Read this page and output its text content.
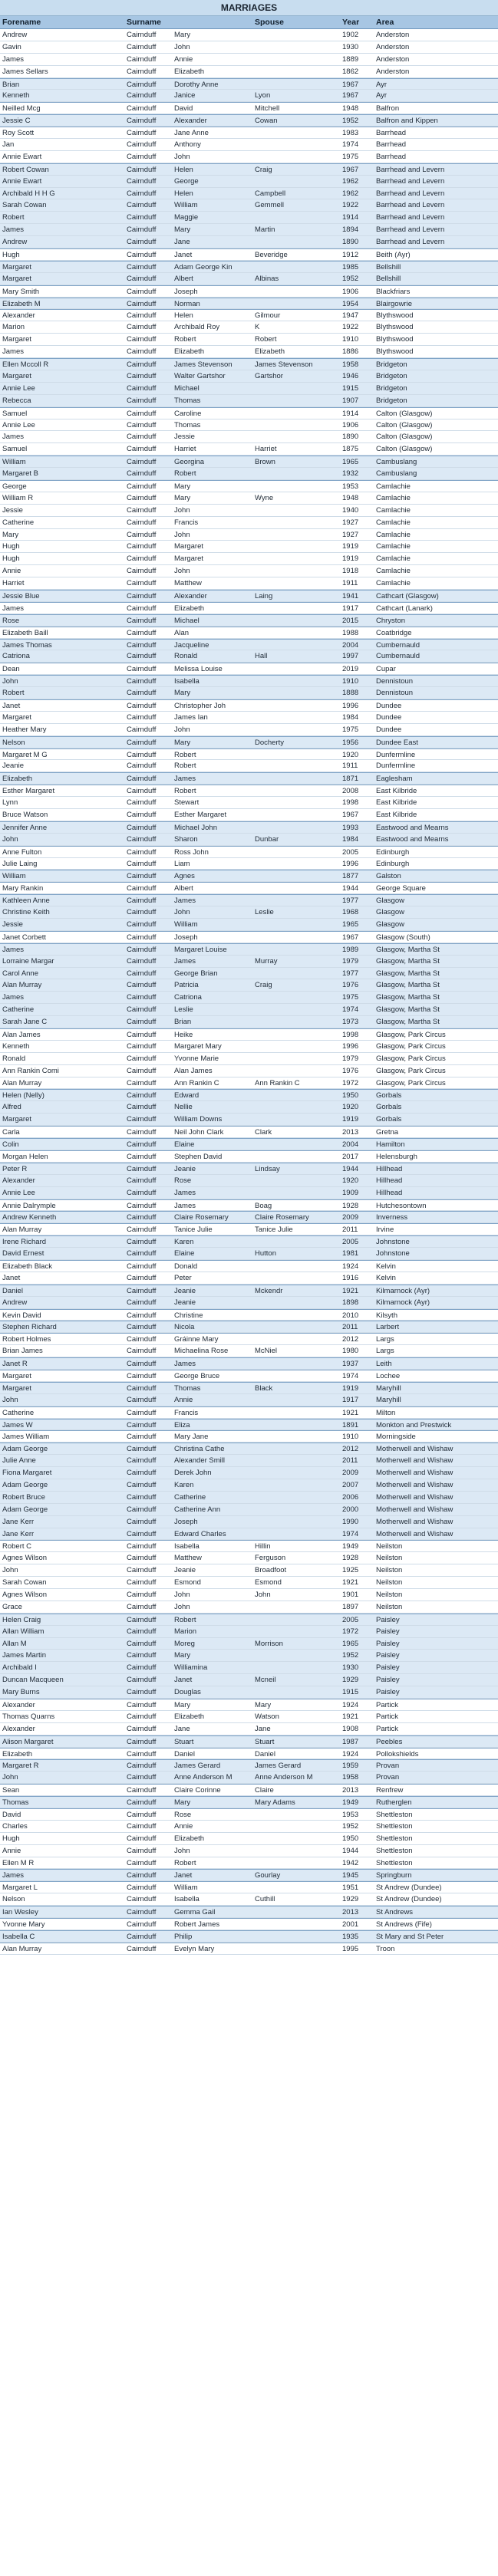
MARRIAGES
Forename	Surname	Spouse	Year	Area
Andrew	Cairnduff	Mary	1902	Anderston
Gavin	Cairnduff	John	1930	Anderston
James	Cairnduff	Annie	1889	Anderston
James Sellars	Cairnduff	Elizabeth	1862	Anderston
Brian	Cairnduff	Dorothy Anne	1967	Ayr
Kenneth	Cairnduff	Janice	Lyon	1967	Ayr
Neilled Mcg	Cairnduff	David	Mitchell	1948	Balfron
Jessie C	Cairnduff	Alexander	Cowan	1952	Balfron and Kippen
Roy Scott	Cairnduff	Jane Anne	1983	Barrhead
Jan	Cairnduff	Anthony	1974	Barrhead
Annie Ewart	Cairnduff	John	1975	Barrhead
Robert Cowan	Cairnduff	Helen	Craig	1967	Barrhead and Levern
Annie Ewart	Cairnduff	George	1962	Barrhead and Levern
Archibald H H G	Cairnduff	Helen	Campbell	1962	Barrhead and Levern
Sarah Cowan	Cairnduff	William	Gemmell	1922	Barrhead and Levern
Robert	Cairnduff	Maggie	1914	Barrhead and Levern
James	Cairnduff	Mary	Martin	1894	Barrhead and Levern
Andrew	Cairnduff	Jane	1890	Barrhead and Levern
Hugh	Cairnduff	Janet	Beveridge	1912	Beith (Ayr)
Margaret	Cairnduff	Adam George Kin	1985	Bellshill
Margaret	Cairnduff	Albert	Albinas	1952	Bellshill
Mary Smith	Cairnduff	Joseph	1906	Blackfriars
Elizabeth M	Cairnduff	Norman	1954	Blairgowrie
Alexander	Cairnduff	Helen	Gilmour	1947	Blythswood
Marion	Cairnduff	Archibald Roy	K	1922	Blythswood
Margaret	Cairnduff	Robert	Robert	1910	Blythswood
James	Cairnduff	Elizabeth	Elizabeth	1886	Blythswood
Ellen Mccoll R	Cairnduff	James Stevenson	James Stevenson	1958	Bridgeton
Margaret	Cairnduff	Walter Gartshor	Gartshor	1946	Bridgeton
Annie Lee	Cairnduff	Michael	1915	Bridgeton
Rebecca	Cairnduff	Thomas	1907	Bridgeton
Samuel	Cairnduff	Caroline	1914	Calton (Glasgow)
Annie Lee	Cairnduff	Thomas	1906	Calton (Glasgow)
James	Cairnduff	Jessie	1890	Calton (Glasgow)
Samuel	Cairnduff	Harriet	Harriet	1875	Calton (Glasgow)
William	Cairnduff	Georgina	Brown	1965	Cambuslang
Margaret B	Cairnduff	Robert	1932	Cambuslang
George	Cairnduff	Mary	1953	Camlachie
William R	Cairnduff	Mary	Wyne	1948	Camlachie
Jessie	Cairnduff	John	1940	Camlachie
Catherine	Cairnduff	Francis	1927	Camlachie
Mary	Cairnduff	John	1927	Camlachie
Hugh	Cairnduff	Margaret	1919	Camlachie
Hugh	Cairnduff	Margaret	1919	Camlachie
Annie	Cairnduff	John	1918	Camlachie
Harriet	Cairnduff	Matthew	1911	Camlachie
Jessie Blue	Cairnduff	Alexander	Laing	1941	Cathcart (Glasgow)
James	Cairnduff	Elizabeth	1917	Cathcart (Lanark)
Rose	Cairnduff	Michael	2015	Chryston
Elizabeth Baill	Cairnduff	Alan	1988	Coatbridge
James Thomas	Cairnduff	Jacqueline	2004	Cumbernauld
Catriona	Cairnduff	Ronald	Hall	1997	Cumbernauld
Dean	Cairnduff	Melissa Louise	2019	Cupar
John	Cairnduff	Isabella	1910	Dennistoun
Robert	Cairnduff	Mary	1888	Dennistoun
Janet	Cairnduff	Christopher Joh	1996	Dundee
Margaret	Cairnduff	James Ian	1984	Dundee
Heather Mary	Cairnduff	John	1975	Dundee
Nelson	Cairnduff	Mary	Docherty	1956	Dundee East
Margaret M G	Cairnduff	Robert	1920	Dunfermline
Jeanie	Cairnduff	Robert	1911	Dunfermline
Elizabeth	Cairnduff	James	1871	Eaglesham
Esther Margaret	Cairnduff	Robert	2008	East Kilbride
Lynn	Cairnduff	Stewart	1998	East Kilbride
Bruce Watson	Cairnduff	Esther Margaret	1967	East Kilbride
Jennifer Anne	Cairnduff	Michael John	1993	Eastwood and Mearns
John	Cairnduff	Sharon	Dunbar	1984	Eastwood and Mearns
Anne Fulton	Cairnduff	Ross John	2005	Edinburgh
Julie Laing	Cairnduff	Liam	1996	Edinburgh
William	Cairnduff	Agnes	1877	Galston
Mary Rankin	Cairnduff	Albert	1944	George Square
Kathleen Anne	Cairnduff	James	1977	Glasgow
Christine Keith	Cairnduff	John	Leslie	1968	Glasgow
Jessie	Cairnduff	William	1965	Glasgow
Janet Corbett	Cairnduff	Joseph	1967	Glasgow (South)
James	Cairnduff	Margaret Louise	1989	Glasgow, Martha St
Lorraine Margar	Cairnduff	James	Murray	1979	Glasgow, Martha St
Carol Anne	Cairnduff	George Brian	1977	Glasgow, Martha St
Alan Murray	Cairnduff	Patricia	Craig	1976	Glasgow, Martha St
James	Cairnduff	Catriona	1975	Glasgow, Martha St
Catherine	Cairnduff	Leslie	1974	Glasgow, Martha St
Sarah Jane C	Cairnduff	Brian	1973	Glasgow, Martha St
Alan James	Cairnduff	Heike	1998	Glasgow, Park Circus
Kenneth	Cairnduff	Margaret Mary	1996	Glasgow, Park Circus
Ronald	Cairnduff	Yvonne Marie	1979	Glasgow, Park Circus
Ann Rankin Comi	Cairnduff	Alan James	1976	Glasgow, Park Circus
Alan Murray	Cairnduff	Ann Rankin C	Ann Rankin C	1972	Glasgow, Park Circus
Helen (Nelly)	Cairnduff	Edward	1950	Gorbals
Alfred	Cairnduff	Nellie	1920	Gorbals
Margaret	Cairnduff	William Downs	1919	Gorbals
Carla	Cairnduff	Neil John Clark	Clark	2013	Gretna
Colin	Cairnduff	Elaine	2004	Hamilton
Morgan Helen	Cairnduff	Stephen David	2017	Helensburgh
Peter R	Cairnduff	Jeanie	Lindsay	1944	Hillhead
Alexander	Cairnduff	Rose	1920	Hillhead
Annie Lee	Cairnduff	James	1909	Hillhead
Annie Dalrymple	Cairnduff	James	Boag	1928	Hutchesontown
Andrew Kenneth	Cairnduff	Claire Rosemary	Claire Rosemary	2009	Inverness
Alan Murray	Cairnduff	Tanice Julie	Tanice Julie	2011	Irvine
Irene Richard	Cairnduff	Karen	2005	Johnstone
David Ernest	Cairnduff	Elaine	Hutton	1981	Johnstone
Elizabeth Black	Cairnduff	Donald	1924	Kelvin
Janet	Cairnduff	Peter	1916	Kelvin
Daniel	Cairnduff	Jeanie	Mckendr	1921	Kilmarnock (Ayr)
Andrew	Cairnduff	Jeanie	1898	Kilmarnock (Ayr)
Kevin David	Cairnduff	Christine	2010	Kilsyth
Stephen Richard	Cairnduff	Nicola	2011	Larbert
Robert Holmes	Cairnduff	Gráinne Mary	2012	Largs
Brian James	Cairnduff	Michaelina Rose	McNiel	1980	Largs
Janet R	Cairnduff	James	1937	Leith
Margaret	Cairnduff	George Bruce	1974	Lochee
Margaret	Cairnduff	Thomas	Black	1919	Maryhill
John	Cairnduff	Annie	1917	Maryhill
Catherine	Cairnduff	Francis	1921	Milton
James W	Cairnduff	Eliza	1891	Monkton and Prestwick
James William	Cairnduff	Mary Jane	1910	Morningside
Adam George	Cairnduff	Christina Cathe	2012	Motherwell and Wishaw
Julie Anne	Cairnduff	Alexander Smill	2011	Motherwell and Wishaw
Fiona Margaret	Cairnduff	Derek John	2009	Motherwell and Wishaw
Adam George	Cairnduff	Karen	2007	Motherwell and Wishaw
Robert Bruce	Cairnduff	Catherine	2006	Motherwell and Wishaw
Adam George	Cairnduff	Catherine Ann	2000	Motherwell and Wishaw
Jane Kerr	Cairnduff	Joseph	1990	Motherwell and Wishaw
Jane Kerr	Cairnduff	Edward Charles	1974	Motherwell and Wishaw
Robert C	Cairnduff	Isabella	Hillin	1949	Neilston
Agnes Wilson	Cairnduff	Matthew	Ferguson	1928	Neilston
John	Cairnduff	Jeanie	Broadfoot	1925	Neilston
Sarah Cowan	Cairnduff	Esmond	Esmond	1921	Neilston
Agnes Wilson	Cairnduff	John	John	1901	Neilston
Grace	Cairnduff	John	1897	Neilston
Helen Craig	Cairnduff	Robert	2005	Paisley
Allan William	Cairnduff	Marion	1972	Paisley
Allan M	Cairnduff	Moreg	Morrison	1965	Paisley
James Martin	Cairnduff	Mary	1952	Paisley
Archibald I	Cairnduff	Williamina	1930	Paisley
Duncan Macqueen	Cairnduff	Janet	Mcneil	1929	Paisley
Mary Burns	Cairnduff	Douglas	1915	Paisley
Alexander	Cairnduff	Mary	Mary	1924	Partick
Thomas Quarns	Cairnduff	Elizabeth	Watson	1921	Partick
Alexander	Cairnduff	Jane	Jane	1908	Partick
Alison Margaret	Cairnduff	Stuart	Stuart	1987	Peebles
Elizabeth	Cairnduff	Daniel	Daniel	1924	Pollokshields
Margaret R	Cairnduff	James Gerard	James Gerard	1959	Provan
John	Cairnduff	Anne Anderson M	Anne Anderson M	1958	Provan
Sean	Cairnduff	Claire Corinne	Claire	2013	Renfrew
Thomas	Cairnduff	Mary	Mary Adams	1949	Rutherglen
David	Cairnduff	Rose	1953	Shettleston
Charles	Cairnduff	Annie	1952	Shettleston
Hugh	Cairnduff	Elizabeth	1950	Shettleston
Annie	Cairnduff	John	1944	Shettleston
Ellen M R	Cairnduff	Robert	1942	Shettleston
James	Cairnduff	Janet	Gourlay	1945	Springburn
Margaret L	Cairnduff	William	1951	St Andrew (Dundee)
Nelson	Cairnduff	Isabella	Cuthill	1929	St Andrew (Dundee)
Ian Wesley	Cairnduff	Gemma Gail	2013	St Andrews
Yvonne Mary	Cairnduff	Robert James	2001	St Andrews (Fife)
Isabella C	Cairnduff	Philip	1935	St Mary and St Peter
Alan Murray	Cairnduff	Evelyn Mary	1995	Troon
